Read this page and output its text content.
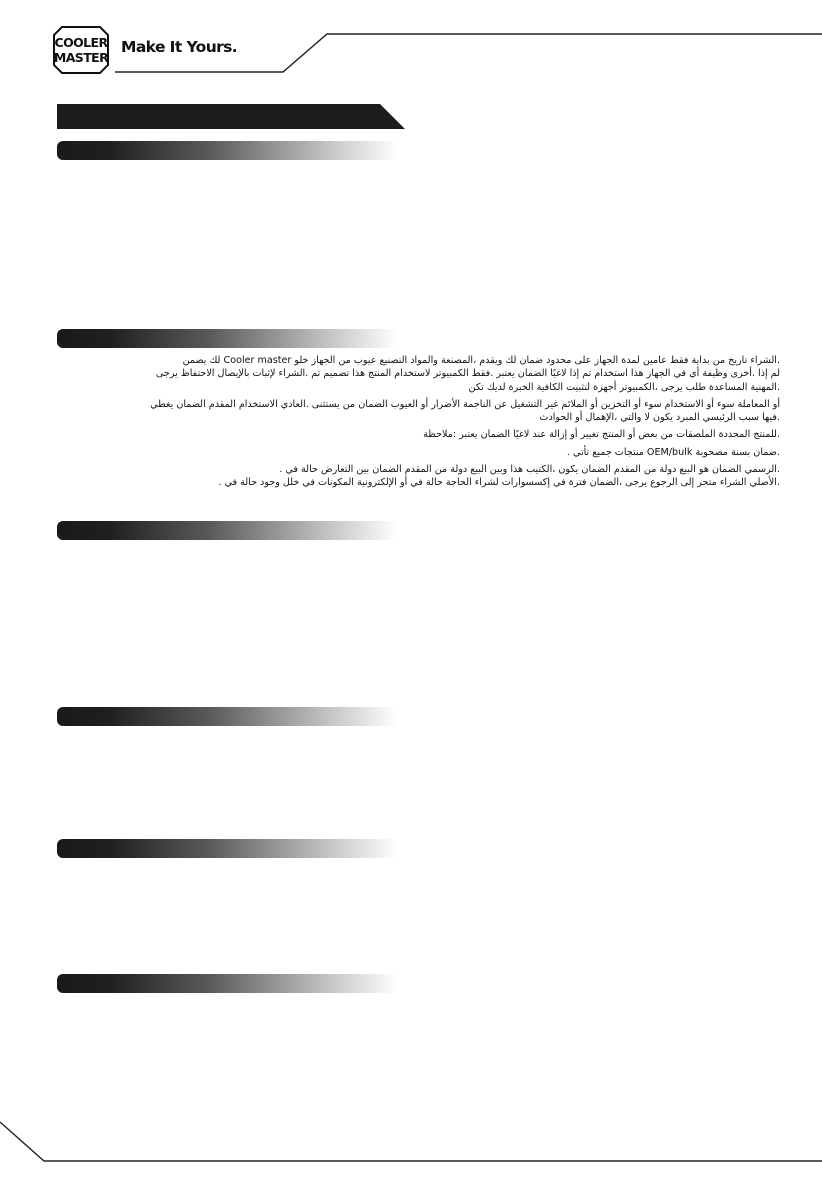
COOLER
MASTER
Make It Yours.

.الشراء تاريخ من بداية فقط عامين لمدة الجهاز على محدود ضمان لك ويقدم ،المصنعة والمواد التصنيع عيوب من الجهاز خلو Cooler master لك يضمن

لم إذا .أخرى وظيفة أي في الجهاز هذا استخدام تم إذا لاغيًا الضمان يعتبر .فقط الكمبيوتر لاستخدام المنتج هذا تصميم تم .الشراء لإثبات بالإيصال الاحتفاظ يرجى

.المهنية المساعدة طلب يرجى ،الكمبيوتر أجهزة لتثبيت الكافية الخبرة لديك تكن

أو المعاملة سوء أو الاستخدام سوء أو التخزين أو الملائم غير التشغيل عن الناجمة الأضرار أو العيوب الضمان من يستثنى .العادي الاستخدام المقدم الضمان يغطي

.فيها سبب الرئيسي المبرد يكون لا والتي ،الإهمال أو الحوادث

.للمنتج المحددة الملصقات من بعض أو المنتج تغيير أو إزالة عند لاغيًا الضمان يعتبر :ملاحظة

.ضمان بسنة مصحوبة OEM/bulk منتجات جميع تأتي .

.الرسمي الضمان هو البيع دولة من المقدم الضمان يكون ،الكتيب هذا وبين البيع دولة من المقدم الضمان بين التعارض حالة في .

.الأصلي الشراء متجر إلى الرجوع يرجى ،الضمان فترة في إكسسوارات لشراء الحاجة حالة في أو الإلكترونية المكونات في خلل وجود حالة في .
